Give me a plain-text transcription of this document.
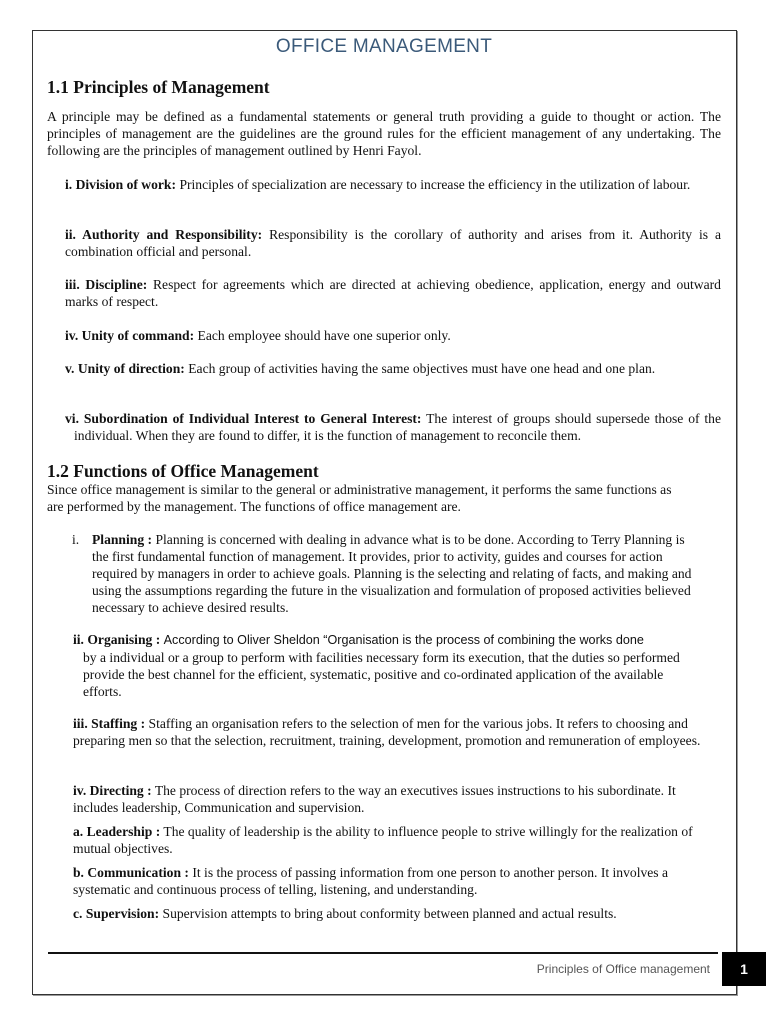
OFFICE MANAGEMENT
1.1 Principles of Management
A principle may be defined as a fundamental statements or general truth providing a guide to thought or action. The principles of management are the guidelines are the ground rules for the efficient management of any undertaking. The following are the principles of management outlined by Henri Fayol.
i. Division of work: Principles of specialization are necessary to increase the efficiency in the utilization of labour.
ii. Authority and Responsibility: Responsibility is the corollary of authority and arises from it. Authority is a combination official and personal.
iii. Discipline: Respect for agreements which are directed at achieving obedience, application, energy and outward marks of respect.
iv. Unity of command: Each employee should have one superior only.
v. Unity of direction: Each group of activities having the same objectives must have one head and one plan.
vi. Subordination of Individual Interest to General Interest: The interest of groups should supersede those of the individual. When they are found to differ, it is the function of management to reconcile them.
1.2 Functions of Office Management
Since office management is similar to the general or administrative management, it performs the same functions as are performed by the management. The functions of office management are.
i. Planning : Planning is concerned with dealing in advance what is to be done. According to Terry Planning is the first fundamental function of management. It provides, prior to activity, guides and courses for action required by managers in order to achieve goals. Planning is the selecting and relating of facts, and making and using the assumptions regarding the future in the visualization and formulation of proposed activities believed necessary to achieve desired results.
ii. Organising : According to Oliver Sheldon “Organisation is the process of combining the works done
by a individual or a group to perform with facilities necessary form its execution, that the duties so performed provide the best channel for the efficient, systematic, positive and co-ordinated application of the available efforts.
iii. Staffing : Staffing an organisation refers to the selection of men for the various jobs. It refers to choosing and preparing men so that the selection, recruitment, training, development, promotion and remuneration of employees.
iv. Directing : The process of direction refers to the way an executives issues instructions to his subordinate. It includes leadership, Communication and supervision.
a. Leadership : The quality of leadership is the ability to influence people to strive willingly for the realization of mutual objectives.
b. Communication : It is the process of passing information from one person to another person. It involves a systematic and continuous process of telling, listening, and understanding.
c. Supervision: Supervision attempts to bring about conformity between planned and actual results.
Principles of Office management	1
